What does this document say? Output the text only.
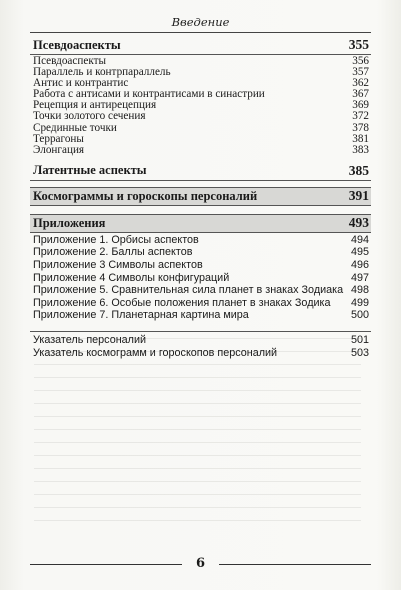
Введение
Псевдоаспекты	355
Псевдоаспекты	356
Параллель и контрпараллель	357
Антис и контрантис	362
Работа с антисами и контрантисами в синастрии	367
Рецепция и антирецепция	369
Точки золотого сечения	372
Срединные точки	378
Террагоны	381
Элонгация	383
Латентные аспекты	385
Космограммы и гороскопы персоналий	391
Приложения	493
Приложение 1. Орбисы аспектов	494
Приложение 2. Баллы аспектов	495
Приложение 3 Символы аспектов	496
Приложение 4 Символы конфигураций	497
Приложение 5. Сравнительная сила планет в знаках Зодиака 498
Приложение 6. Особые положения планет в знаках Зодика 499
Приложение 7. Планетарная картина мира	500
Указатель персоналий	501
Указатель космограмм и гороскопов персоналий	503
6
